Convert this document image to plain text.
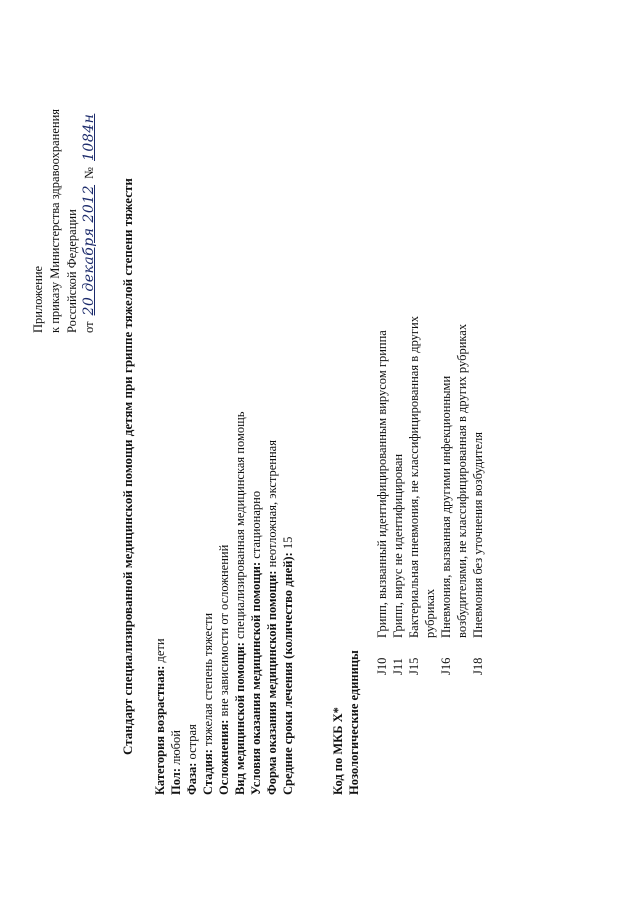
Приложение к приказу Министерства здравоохранения Российской Федерации от
20 декабря 2012
№
1084н
Стандарт специализированной медицинской помощи детям при гриппе тяжелой степени тяжести Категория возрастная: дети
Пол: любой
Фаза: острая
Стадия: тяжелая степень тяжести
Осложнения: вне зависимости от осложнений
Вид медицинской помощи: специализированная медицинская помощь
Условия оказания медицинской помощи: стационарно
Форма оказания медицинской помощи: неотложная, экстренная
Средние сроки лечения (количество дней): 15
Код по МКБ X* Нозологические единицы J10
Грипп, вызванный идентифицированным вирусом гриппа
J11
Грипп, вирус не идентифицирован
J15
Бактериальная пневмония, не классифицированная в других рубриках
J16
Пневмония, вызванная другими инфекционными возбудителями, не классифицированная в других рубриках
J18
Пневмония без уточнения возбудителя
